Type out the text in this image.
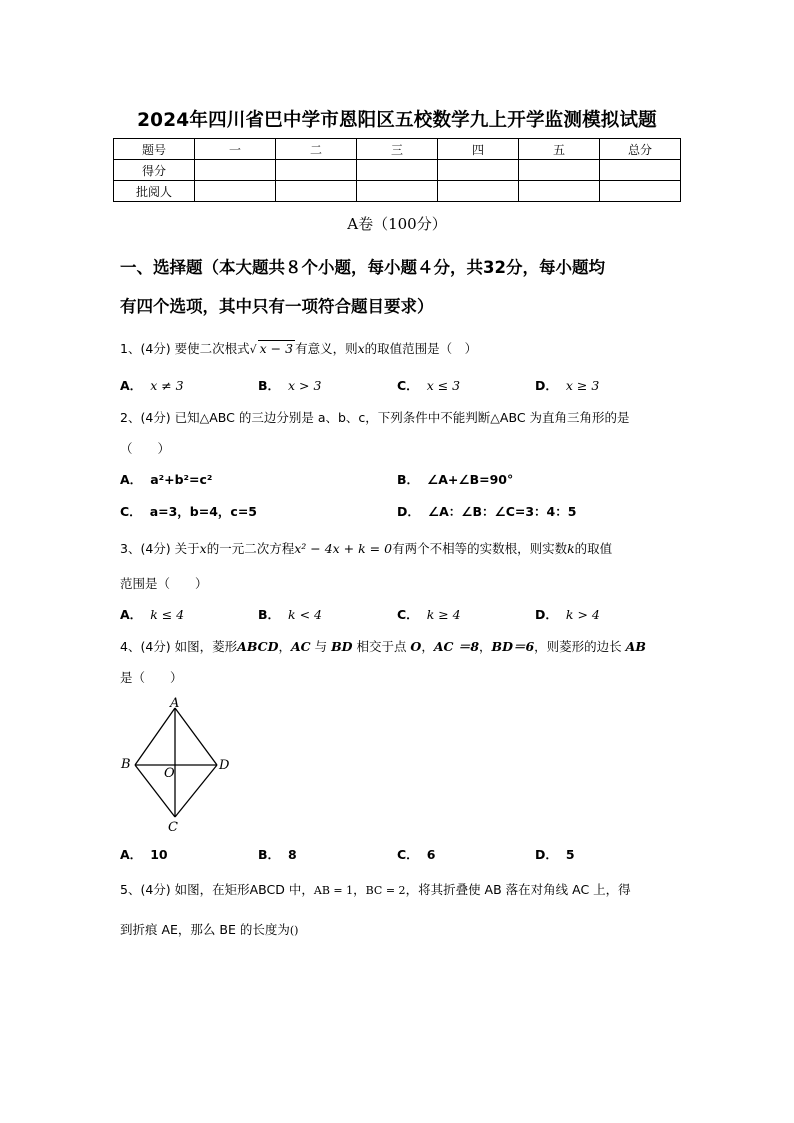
2024年四川省巴中学市恩阳区五校数学九上开学监测模拟试题
题号	一	二	三	四	五	总分
得分						
批阅人						
A卷（100分）
一、选择题（本大题共８个小题，每小题４分，共32分，每小题均
有四个选项，其中只有一项符合题目要求）
1、(4分) 要使二次根式√ x − 3 有意义，则x的取值范围是（　）
A． x ≠ 3	B． x > 3	C． x ≤ 3	D． x ≥ 3
2、(4分) 已知△ABC 的三边分别是 a、b、c，下列条件中不能判断△ABC 为直角三角形的是
（　　）
A． a²+b²=c²	B． ∠A+∠B=90°
C． a=3，b=4，c=5	D． ∠A：∠B：∠C=3：4：5
3、(4分) 关于x的一元二次方程x² − 4x + k = 0有两个不相等的实数根，则实数k的取值
范围是（　　）
A． k ≤ 4	B． k < 4	C． k ≥ 4	D． k > 4
4、(4分) 如图，菱形ABCD，AC 与 BD 相交于点 O，AC ＝8，BD＝6，则菱形的边长 AB
是（　　）
A
B
O
D
C
A． 10	B． 8	C． 6	D． 5
5、(4分) 如图，在矩形ABCD 中，AB = 1，BC = 2，将其折叠使 AB 落在对角线 AC 上，得
到折痕 AE，那么 BE 的长度为()
